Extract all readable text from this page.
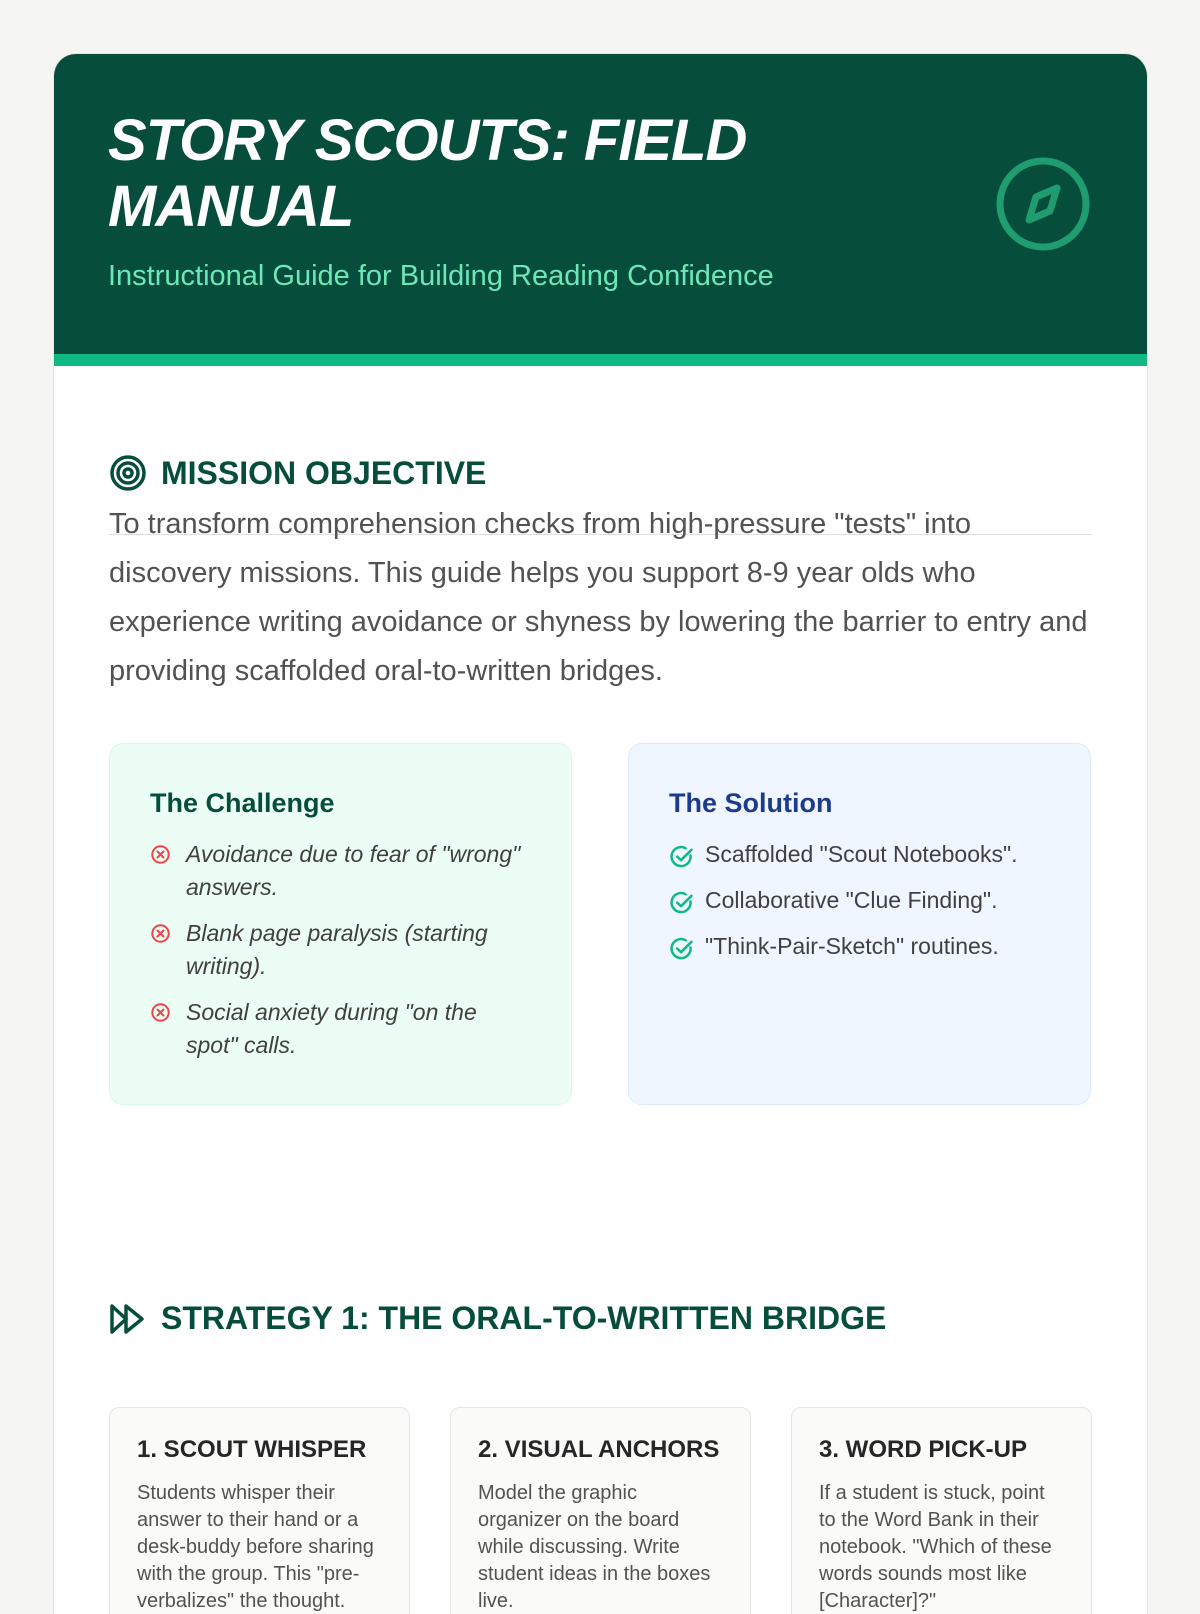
STORY SCOUTS: FIELD MANUAL

Instructional Guide for Building Reading Confidence

MISSION OBJECTIVE

To transform comprehension checks from high-pressure "tests" into discovery missions. This guide helps you support 8-9 year olds who experience writing avoidance or shyness by lowering the barrier to entry and providing scaffolded oral-to-written bridges.

The Challenge
Avoidance due to fear of "wrong" answers.
Blank page paralysis (starting writing).
Social anxiety during "on the spot" calls.
The Solution
Scaffolded "Scout Notebooks".
Collaborative "Clue Finding".
"Think-Pair-Sketch" routines.
STRATEGY 1: THE ORAL-TO-WRITTEN BRIDGE
1. SCOUT WHISPER

Students whisper their answer to their hand or a desk-buddy before sharing with the group. This "pre-verbalizes" the thought.

2. VISUAL ANCHORS

Model the graphic organizer on the board while discussing. Write student ideas in the boxes live.

3. WORD PICK-UP

If a student is stuck, point to the Word Bank in their notebook. "Which of these words sounds most like [Character]?"
